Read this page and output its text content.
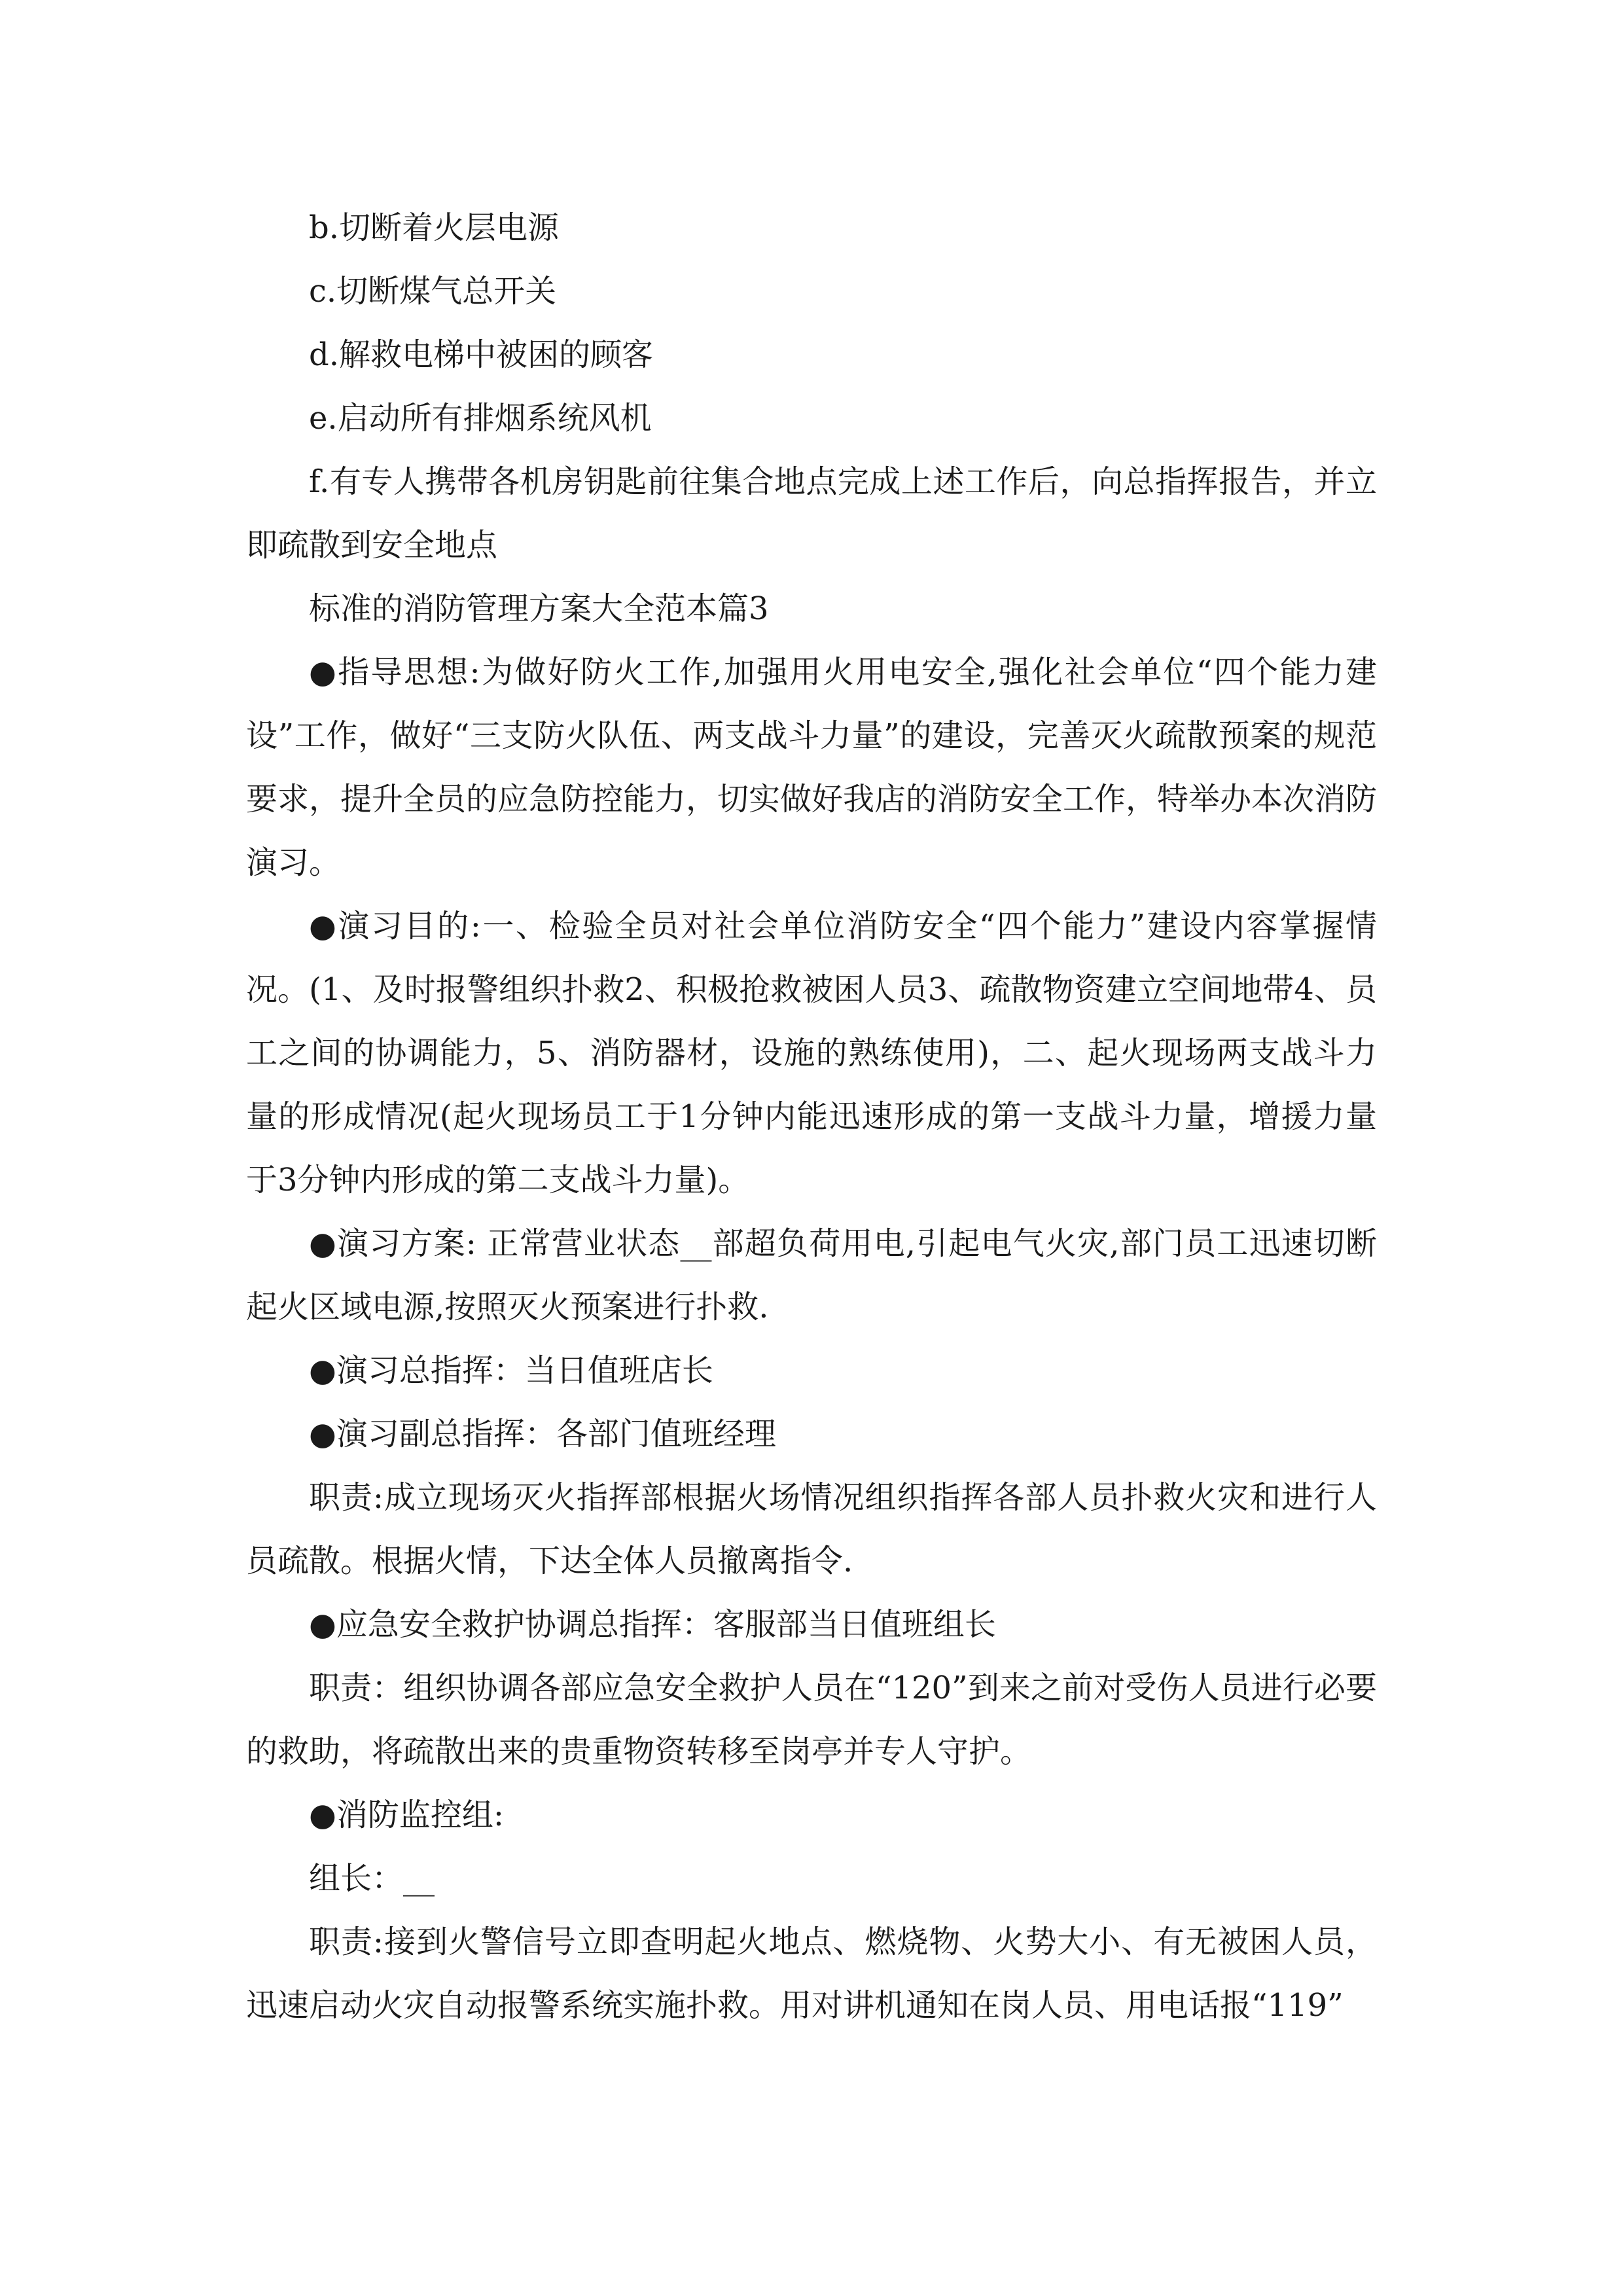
b.切断着火层电源

c.切断煤气总开关

d.解救电梯中被困的顾客

e.启动所有排烟系统风机

f.有专人携带各机房钥匙前往集合地点完成上述工作后，向总指挥报告，并立即疏散到安全地点

标准的消防管理方案大全范本篇3

●指导思想:为做好防火工作,加强用火用电安全,强化社会单位“四个能力建设”工作，做好“三支防火队伍、两支战斗力量”的建设，完善灭火疏散预案的规范要求，提升全员的应急防控能力，切实做好我店的消防安全工作，特举办本次消防演习。

●演习目的:一、检验全员对社会单位消防安全“四个能力”建设内容掌握情况。(1、及时报警组织扑救2、积极抢救被困人员3、疏散物资建立空间地带4、员工之间的协调能力，5、消防器材，设施的熟练使用)，二、起火现场两支战斗力量的形成情况(起火现场员工于1分钟内能迅速形成的第一支战斗力量，增援力量于3分钟内形成的第二支战斗力量)。

●演习方案: 正常营业状态__部超负荷用电,引起电气火灾,部门员工迅速切断起火区域电源,按照灭火预案进行扑救.

●演习总指挥：当日值班店长

●演习副总指挥：各部门值班经理

职责:成立现场灭火指挥部根据火场情况组织指挥各部人员扑救火灾和进行人员疏散。根据火情，下达全体人员撤离指令.

●应急安全救护协调总指挥：客服部当日值班组长

职责：组织协调各部应急安全救护人员在“120”到来之前对受伤人员进行必要的救助，将疏散出来的贵重物资转移至岗亭并专人守护。

●消防监控组:

组长：__

职责:接到火警信号立即查明起火地点、燃烧物、火势大小、有无被困人员，迅速启动火灾自动报警系统实施扑救。用对讲机通知在岗人员、用电话报“119”
